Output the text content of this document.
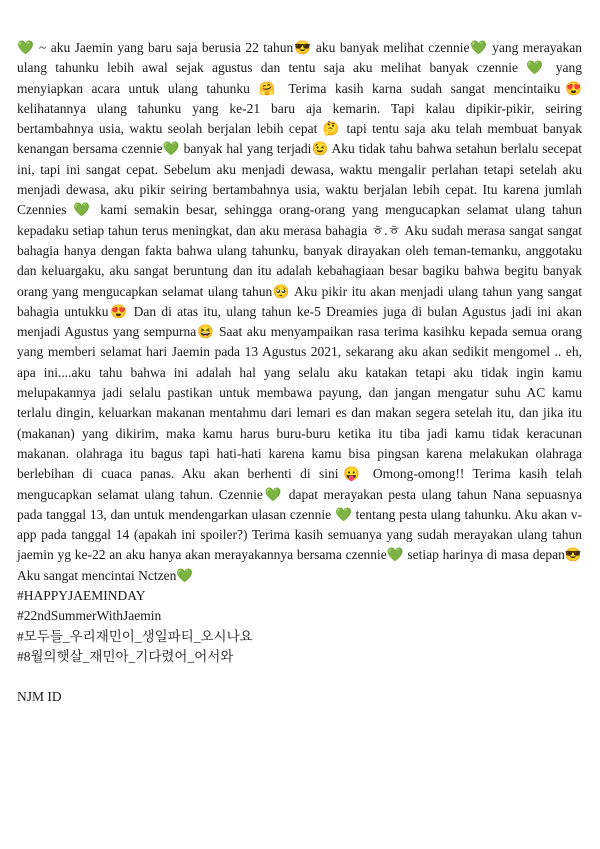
💚 ~ aku Jaemin yang baru saja berusia 22 tahun😎 aku banyak melihat czennie💚 yang merayakan ulang tahunku lebih awal sejak agustus dan tentu saja aku melihat banyak czennie 💚 yang menyiapkan acara untuk ulang tahunku 🤗 Terima kasih karna sudah sangat mencintaiku😍 kelihatannya ulang tahunku yang ke-21 baru aja kemarin. Tapi kalau dipikir-pikir, seiring bertambahnya usia, waktu seolah berjalan lebih cepat 🤔 tapi tentu saja aku telah membuat banyak kenangan bersama czennie💚 banyak hal yang terjadi😉 Aku tidak tahu bahwa setahun berlalu secepat ini, tapi ini sangat cepat. Sebelum aku menjadi dewasa, waktu mengalir perlahan tetapi setelah aku menjadi dewasa, aku pikir seiring bertambahnya usia, waktu berjalan lebih cepat. Itu karena jumlah Czennies 💚 kami semakin besar, sehingga orang-orang yang mengucapkan selamat ulang tahun kepadaku setiap tahun terus meningkat, dan aku merasa bahagia ㅎ.ㅎ Aku sudah merasa sangat sangat bahagia hanya dengan fakta bahwa ulang tahunku, banyak dirayakan oleh teman-temanku, anggotaku dan keluargaku, aku sangat beruntung dan itu adalah kebahagiaan besar bagiku bahwa begitu banyak orang yang mengucapkan selamat ulang tahun🥺 Aku pikir itu akan menjadi ulang tahun yang sangat bahagia untukku😍 Dan di atas itu, ulang tahun ke-5 Dreamies juga di bulan Agustus jadi ini akan menjadi Agustus yang sempurna😆 Saat aku menyampaikan rasa terima kasihku kepada semua orang yang memberi selamat hari Jaemin pada 13 Agustus 2021, sekarang aku akan sedikit mengomel .. eh, apa ini....aku tahu bahwa ini adalah hal yang selalu aku katakan tetapi aku tidak ingin kamu melupakannya jadi selalu pastikan untuk membawa payung, dan jangan mengatur suhu AC kamu terlalu dingin, keluarkan makanan mentahmu dari lemari es dan makan segera setelah itu, dan jika itu (makanan) yang dikirim, maka kamu harus buru-buru ketika itu tiba jadi kamu tidak keracunan makanan. olahraga itu bagus tapi hati-hati karena kamu bisa pingsan karena melakukan olahraga berlebihan di cuaca panas. Aku akan berhenti di sini😛 Omong-omong!! Terima kasih telah mengucapkan selamat ulang tahun. Czennie💚 dapat merayakan pesta ulang tahun Nana sepuasnya pada tanggal 13, dan untuk mendengarkan ulasan czennie 💚 tentang pesta ulang tahunku. Aku akan v-app pada tanggal 14 (apakah ini spoiler?) Terima kasih semuanya yang sudah merayakan ulang tahun jaemin yg ke-22 an aku hanya akan merayakannya bersama czennie💚 setiap harinya di masa depan😎

Aku sangat mencintai Nctzen💚
#HAPPYJAEMINDAY
#22ndSummerWithJaemin
#모두들_우리재민이_생일파티_오시나요
#8월의햇살_재민아_기다렸어_어서와

NJM ID
